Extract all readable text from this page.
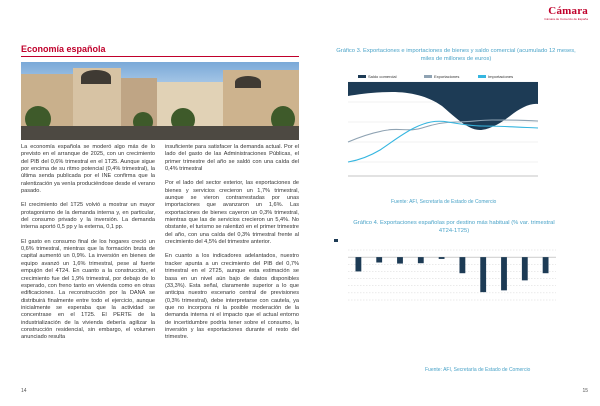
Cámara
Cámara de Comercio de España
Economía española

La economía española se moderó algo más de lo previsto en el arranque de 2025, con un crecimiento del PIB del 0,6% trimestral en el 1T25. Aunque sigue por encima de su ritmo potencial (0,4% trimestral), la última senda publicada por el INE confirma que la ralentización ya venía produciéndose desde el verano pasado.

El crecimiento del 1T25 volvió a mostrar un mayor protagonismo de la demanda interna y, en particular, del consumo privado y la inversión. La demanda interna aportó 0,5 pp y la externa, 0,1 pp.

El gasto en consumo final de los hogares creció un 0,6% trimestral, mientras que la formación bruta de capital aumentó un 0,9%. La inversión en bienes de equipo avanzó un 1,6% trimestral, pese al fuerte empujón del 4T24. En cuanto a la construcción, el crecimiento fue del 1,9% trimestral, por debajo de lo esperado, con freno tanto en vivienda como en otras edificaciones. La reconstrucción por la DANA se distribuirá finalmente entre todo el ejercicio, aunque inicialmente se esperaba que la actividad se concentrase en el 1T25. El PERTE de la industrialización de la vivienda debería agilizar la construcción residencial, sin embargo, el volumen anunciado resulta

insuficiente para satisfacer la demanda actual. Por el lado del gasto de las Administraciones Públicas, el primer trimestre del año se saldó con una caída del 0,4% trimestral

Por el lado del sector exterior, las exportaciones de bienes y servicios crecieron un 1,7% trimestral, aunque se vieron contrarrestadas por unas importaciones que avanzaron un 1,6%. Las exportaciones de bienes cayeron un 0,3% trimestral, mientras que las de servicios crecieron un 5,4%. No obstante, el turismo se ralentizó en el primer trimestre del año, con una caída del 0,3% trimestral frente al crecimiento del 4,5% del trimestre anterior.

En cuanto a los indicadores adelantados, nuestro tracker apunta a un crecimiento del PIB del 0,7% trimestral en el 2T25, aunque esta estimación se basa en un nivel aún bajo de datos disponibles (33,3%). Esta señal, claramente superior a lo que anticipa nuestro escenario central de previsiones (0,3% trimestral), debe interpretarse con cautela, ya que no incorpora ni la posible moderación de la demanda interna ni el impacto que el actual entorno de incertidumbre podría tener sobre el consumo, la inversión y las exportaciones durante el resto del trimestre.

14	15
Gráfico 3. Exportaciones e importaciones de bienes y saldo comercial (acumulado 12 meses, miles de millones de euros)
Saldo comercial	Exportaciones	Importaciones
Fuente: AFI, Secretaría de Estado de Comercio
Gráfico 4. Exportaciones españolas por destino más habitual (% var. trimestral 4T24-1T25)
Fuente: AFI, Secretaría de Estado de Comercio
